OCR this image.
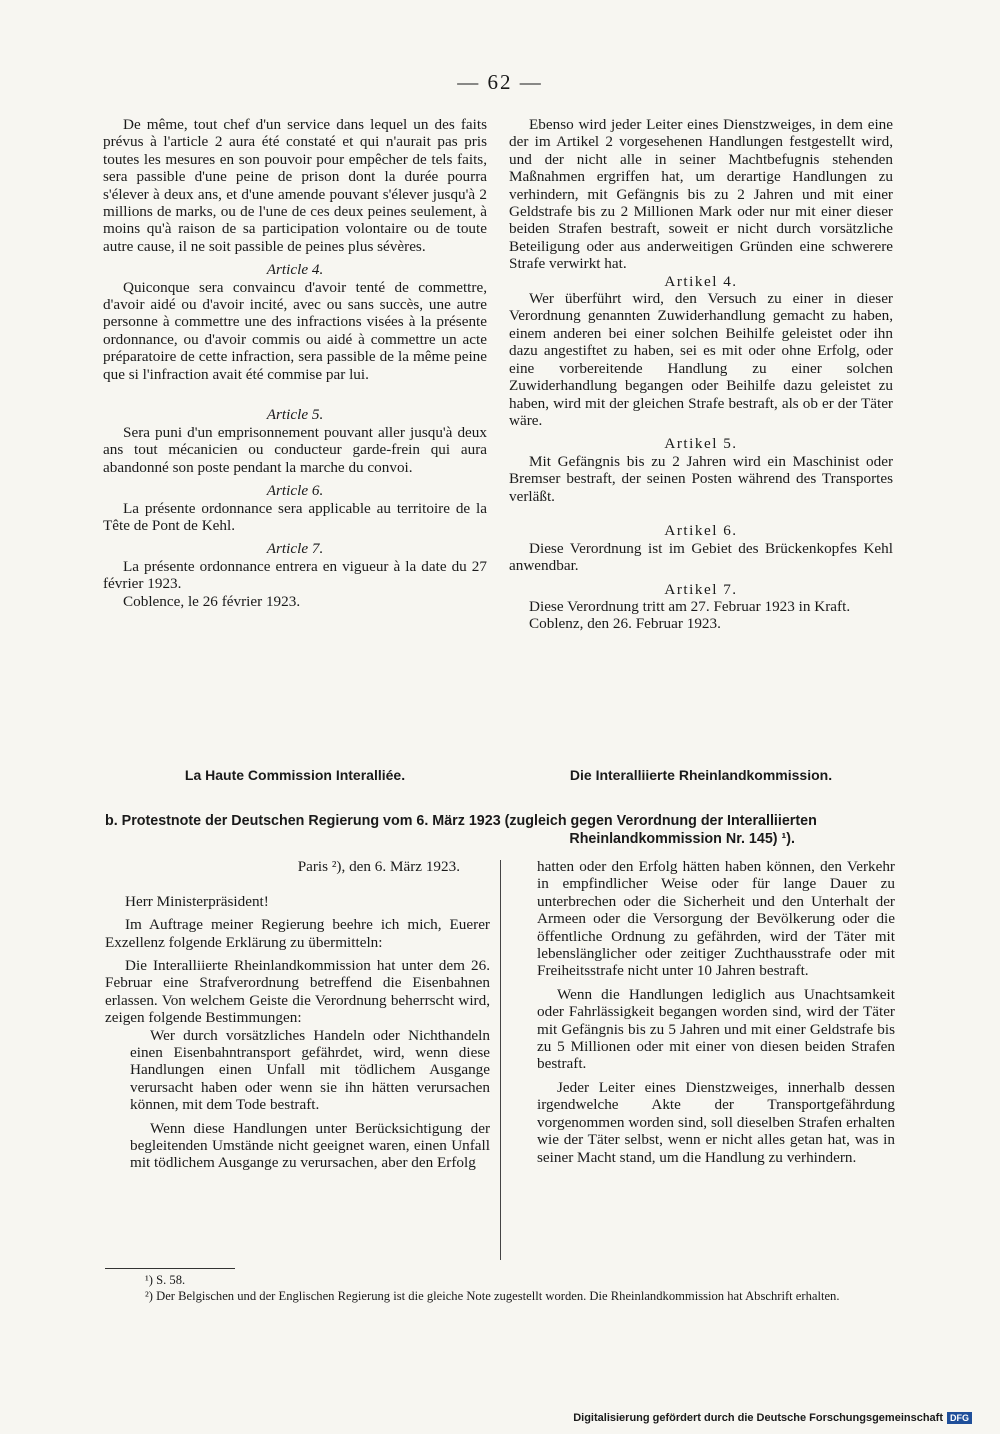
— 62 —

De même, tout chef d'un service dans lequel un des faits prévus à l'article 2 aura été constaté et qui n'aurait pas pris toutes les mesures en son pouvoir pour empêcher de tels faits, sera passible d'une peine de prison dont la durée pourra s'élever à deux ans, et d'une amende pouvant s'élever jusqu'à 2 millions de marks, ou de l'une de ces deux peines seulement, à moins qu'à raison de sa participation volontaire ou de toute autre cause, il ne soit passible de peines plus sévères.

Article 4.

Quiconque sera convaincu d'avoir tenté de commettre, d'avoir aidé ou d'avoir incité, avec ou sans succès, une autre personne à commettre une des infractions visées à la présente ordonnance, ou d'avoir commis ou aidé à commettre un acte préparatoire de cette infraction, sera passible de la même peine que si l'infraction avait été commise par lui.

Article 5.

Sera puni d'un emprisonnement pouvant aller jusqu'à deux ans tout mécanicien ou conducteur garde-frein qui aura abandonné son poste pendant la marche du convoi.

Article 6.

La présente ordonnance sera applicable au territoire de la Tête de Pont de Kehl.

Article 7.

La présente ordonnance entrera en vigueur à la date du 27 février 1923.

Coblence, le 26 février 1923.

La Haute Commission Interalliée.

Ebenso wird jeder Leiter eines Dienstzweiges, in dem eine der im Artikel 2 vorgesehenen Handlungen festgestellt wird, und der nicht alle in seiner Machtbefugnis stehenden Maßnahmen ergriffen hat, um derartige Handlungen zu verhindern, mit Gefängnis bis zu 2 Jahren und mit einer Geldstrafe bis zu 2 Millionen Mark oder nur mit einer dieser beiden Strafen bestraft, soweit er nicht durch vorsätzliche Beteiligung oder aus anderweitigen Gründen eine schwerere Strafe verwirkt hat.

Artikel 4.

Wer überführt wird, den Versuch zu einer in dieser Verordnung genannten Zuwiderhandlung gemacht zu haben, einem anderen bei einer solchen Beihilfe geleistet oder ihn dazu angestiftet zu haben, sei es mit oder ohne Erfolg, oder eine vorbereitende Handlung zu einer solchen Zuwiderhandlung begangen oder Beihilfe dazu geleistet zu haben, wird mit der gleichen Strafe bestraft, als ob er der Täter wäre.

Artikel 5.

Mit Gefängnis bis zu 2 Jahren wird ein Maschinist oder Bremser bestraft, der seinen Posten während des Transportes verläßt.

Artikel 6.

Diese Verordnung ist im Gebiet des Brückenkopfes Kehl anwendbar.

Artikel 7.

Diese Verordnung tritt am 27. Februar 1923 in Kraft.

Coblenz, den 26. Februar 1923.

Die Interalliierte Rheinlandkommission.
b. Protestnote der Deutschen Regierung vom 6. März 1923 (zugleich gegen Verordnung der Interalliierten
Rheinlandkommission Nr. 145) ¹).

Paris ²), den 6. März 1923.

Herr Ministerpräsident!

Im Auftrage meiner Regierung beehre ich mich, Euerer Exzellenz folgende Erklärung zu übermitteln:

Die Interalliierte Rheinlandkommission hat unter dem 26. Februar eine Strafverordnung betreffend die Eisenbahnen erlassen. Von welchem Geiste die Verordnung beherrscht wird, zeigen folgende Bestimmungen:

Wer durch vorsätzliches Handeln oder Nichthandeln einen Eisenbahntransport gefährdet, wird, wenn diese Handlungen einen Unfall mit tödlichem Ausgange verursacht haben oder wenn sie ihn hätten verursachen können, mit dem Tode bestraft.

Wenn diese Handlungen unter Berücksichtigung der begleitenden Umstände nicht geeignet waren, einen Unfall mit tödlichem Ausgange zu verursachen, aber den Erfolg

hatten oder den Erfolg hätten haben können, den Verkehr in empfindlicher Weise oder für lange Dauer zu unterbrechen oder die Sicherheit und den Unterhalt der Armeen oder die Versorgung der Bevölkerung oder die öffentliche Ordnung zu gefährden, wird der Täter mit lebenslänglicher oder zeitiger Zuchthausstrafe oder mit Freiheitsstrafe nicht unter 10 Jahren bestraft.

Wenn die Handlungen lediglich aus Unachtsamkeit oder Fahrlässigkeit begangen worden sind, wird der Täter mit Gefängnis bis zu 5 Jahren und mit einer Geldstrafe bis zu 5 Millionen oder mit einer von diesen beiden Strafen bestraft.

Jeder Leiter eines Dienstzweiges, innerhalb dessen irgendwelche Akte der Transportgefährdung vorgenommen worden sind, soll dieselben Strafen erhalten wie der Täter selbst, wenn er nicht alles getan hat, was in seiner Macht stand, um die Handlung zu verhindern.

¹) S. 58.
²) Der Belgischen und der Englischen Regierung ist die gleiche Note zugestellt worden. Die Rheinlandkommission hat Abschrift erhalten.
Digitalisierung gefördert durch die Deutsche Forschungsgemeinschaft DFG
